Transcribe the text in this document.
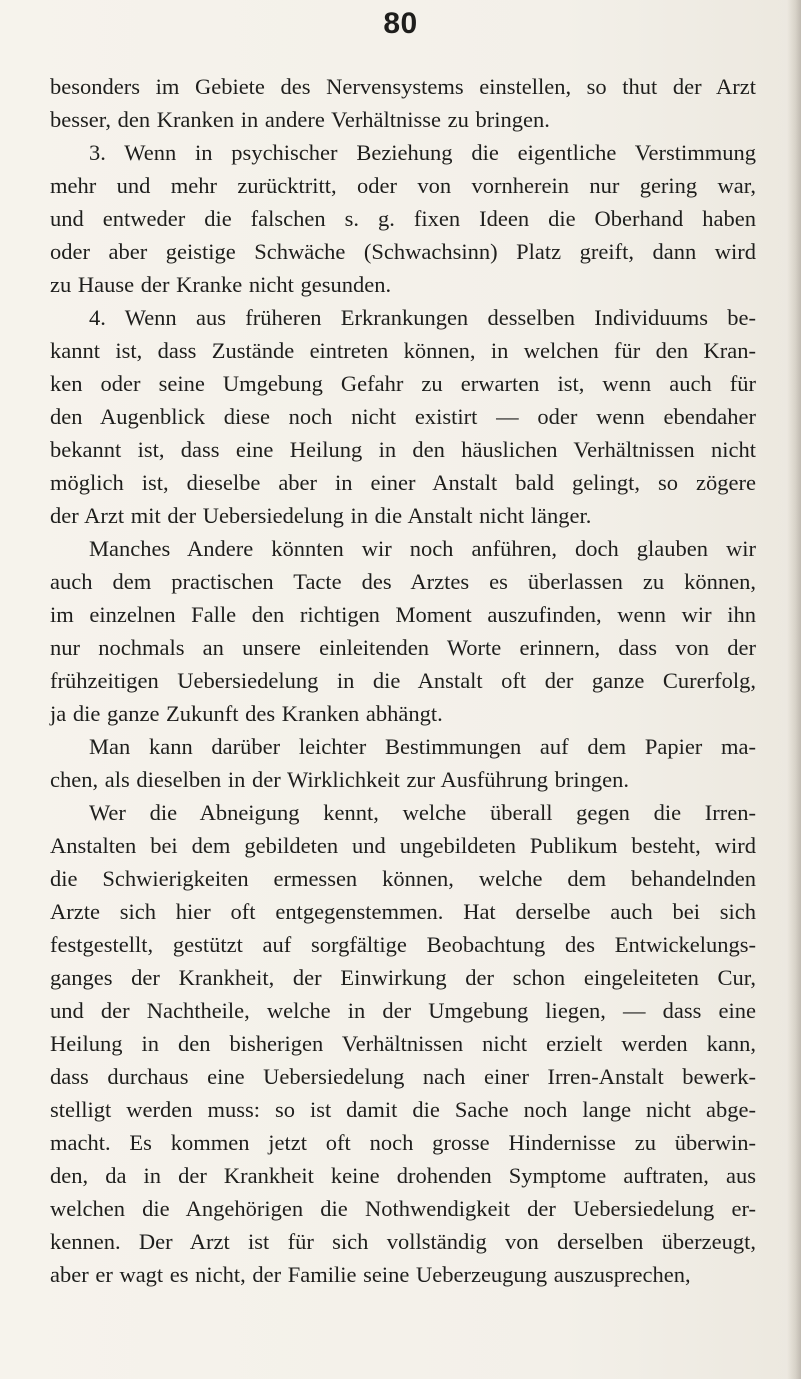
80
besonders im Gebiete des Nervensystems einstellen, so thut der Arzt
besser, den Kranken in andere Verhältnisse zu bringen.
3. Wenn in psychischer Beziehung die eigentliche Verstimmung
mehr und mehr zurücktritt, oder von vornherein nur gering war,
und entweder die falschen s. g. fixen Ideen die Oberhand haben
oder aber geistige Schwäche (Schwachsinn) Platz greift, dann wird
zu Hause der Kranke nicht gesunden.
4. Wenn aus früheren Erkrankungen desselben Individuums be-
kannt ist, dass Zustände eintreten können, in welchen für den Kran-
ken oder seine Umgebung Gefahr zu erwarten ist, wenn auch für
den Augenblick diese noch nicht existirt — oder wenn ebendaher
bekannt ist, dass eine Heilung in den häuslichen Verhältnissen nicht
möglich ist, dieselbe aber in einer Anstalt bald gelingt, so zögere
der Arzt mit der Uebersiedelung in die Anstalt nicht länger.
Manches Andere könnten wir noch anführen, doch glauben wir
auch dem practischen Tacte des Arztes es überlassen zu können,
im einzelnen Falle den richtigen Moment auszufinden, wenn wir ihn
nur nochmals an unsere einleitenden Worte erinnern, dass von der
frühzeitigen Uebersiedelung in die Anstalt oft der ganze Curerfolg,
ja die ganze Zukunft des Kranken abhängt.
Man kann darüber leichter Bestimmungen auf dem Papier ma-
chen, als dieselben in der Wirklichkeit zur Ausführung bringen.
Wer die Abneigung kennt, welche überall gegen die Irren-
Anstalten bei dem gebildeten und ungebildeten Publikum besteht, wird
die Schwierigkeiten ermessen können, welche dem behandelnden
Arzte sich hier oft entgegenstemmen. Hat derselbe auch bei sich
festgestellt, gestützt auf sorgfältige Beobachtung des Entwickelungs-
ganges der Krankheit, der Einwirkung der schon eingeleiteten Cur,
und der Nachtheile, welche in der Umgebung liegen, — dass eine
Heilung in den bisherigen Verhältnissen nicht erzielt werden kann,
dass durchaus eine Uebersiedelung nach einer Irren-Anstalt bewerk-
stelligt werden muss: so ist damit die Sache noch lange nicht abge-
macht. Es kommen jetzt oft noch grosse Hindernisse zu überwin-
den, da in der Krankheit keine drohenden Symptome auftraten, aus
welchen die Angehörigen die Nothwendigkeit der Uebersiedelung er-
kennen. Der Arzt ist für sich vollständig von derselben überzeugt,
aber er wagt es nicht, der Familie seine Ueberzeugung auszusprechen,
